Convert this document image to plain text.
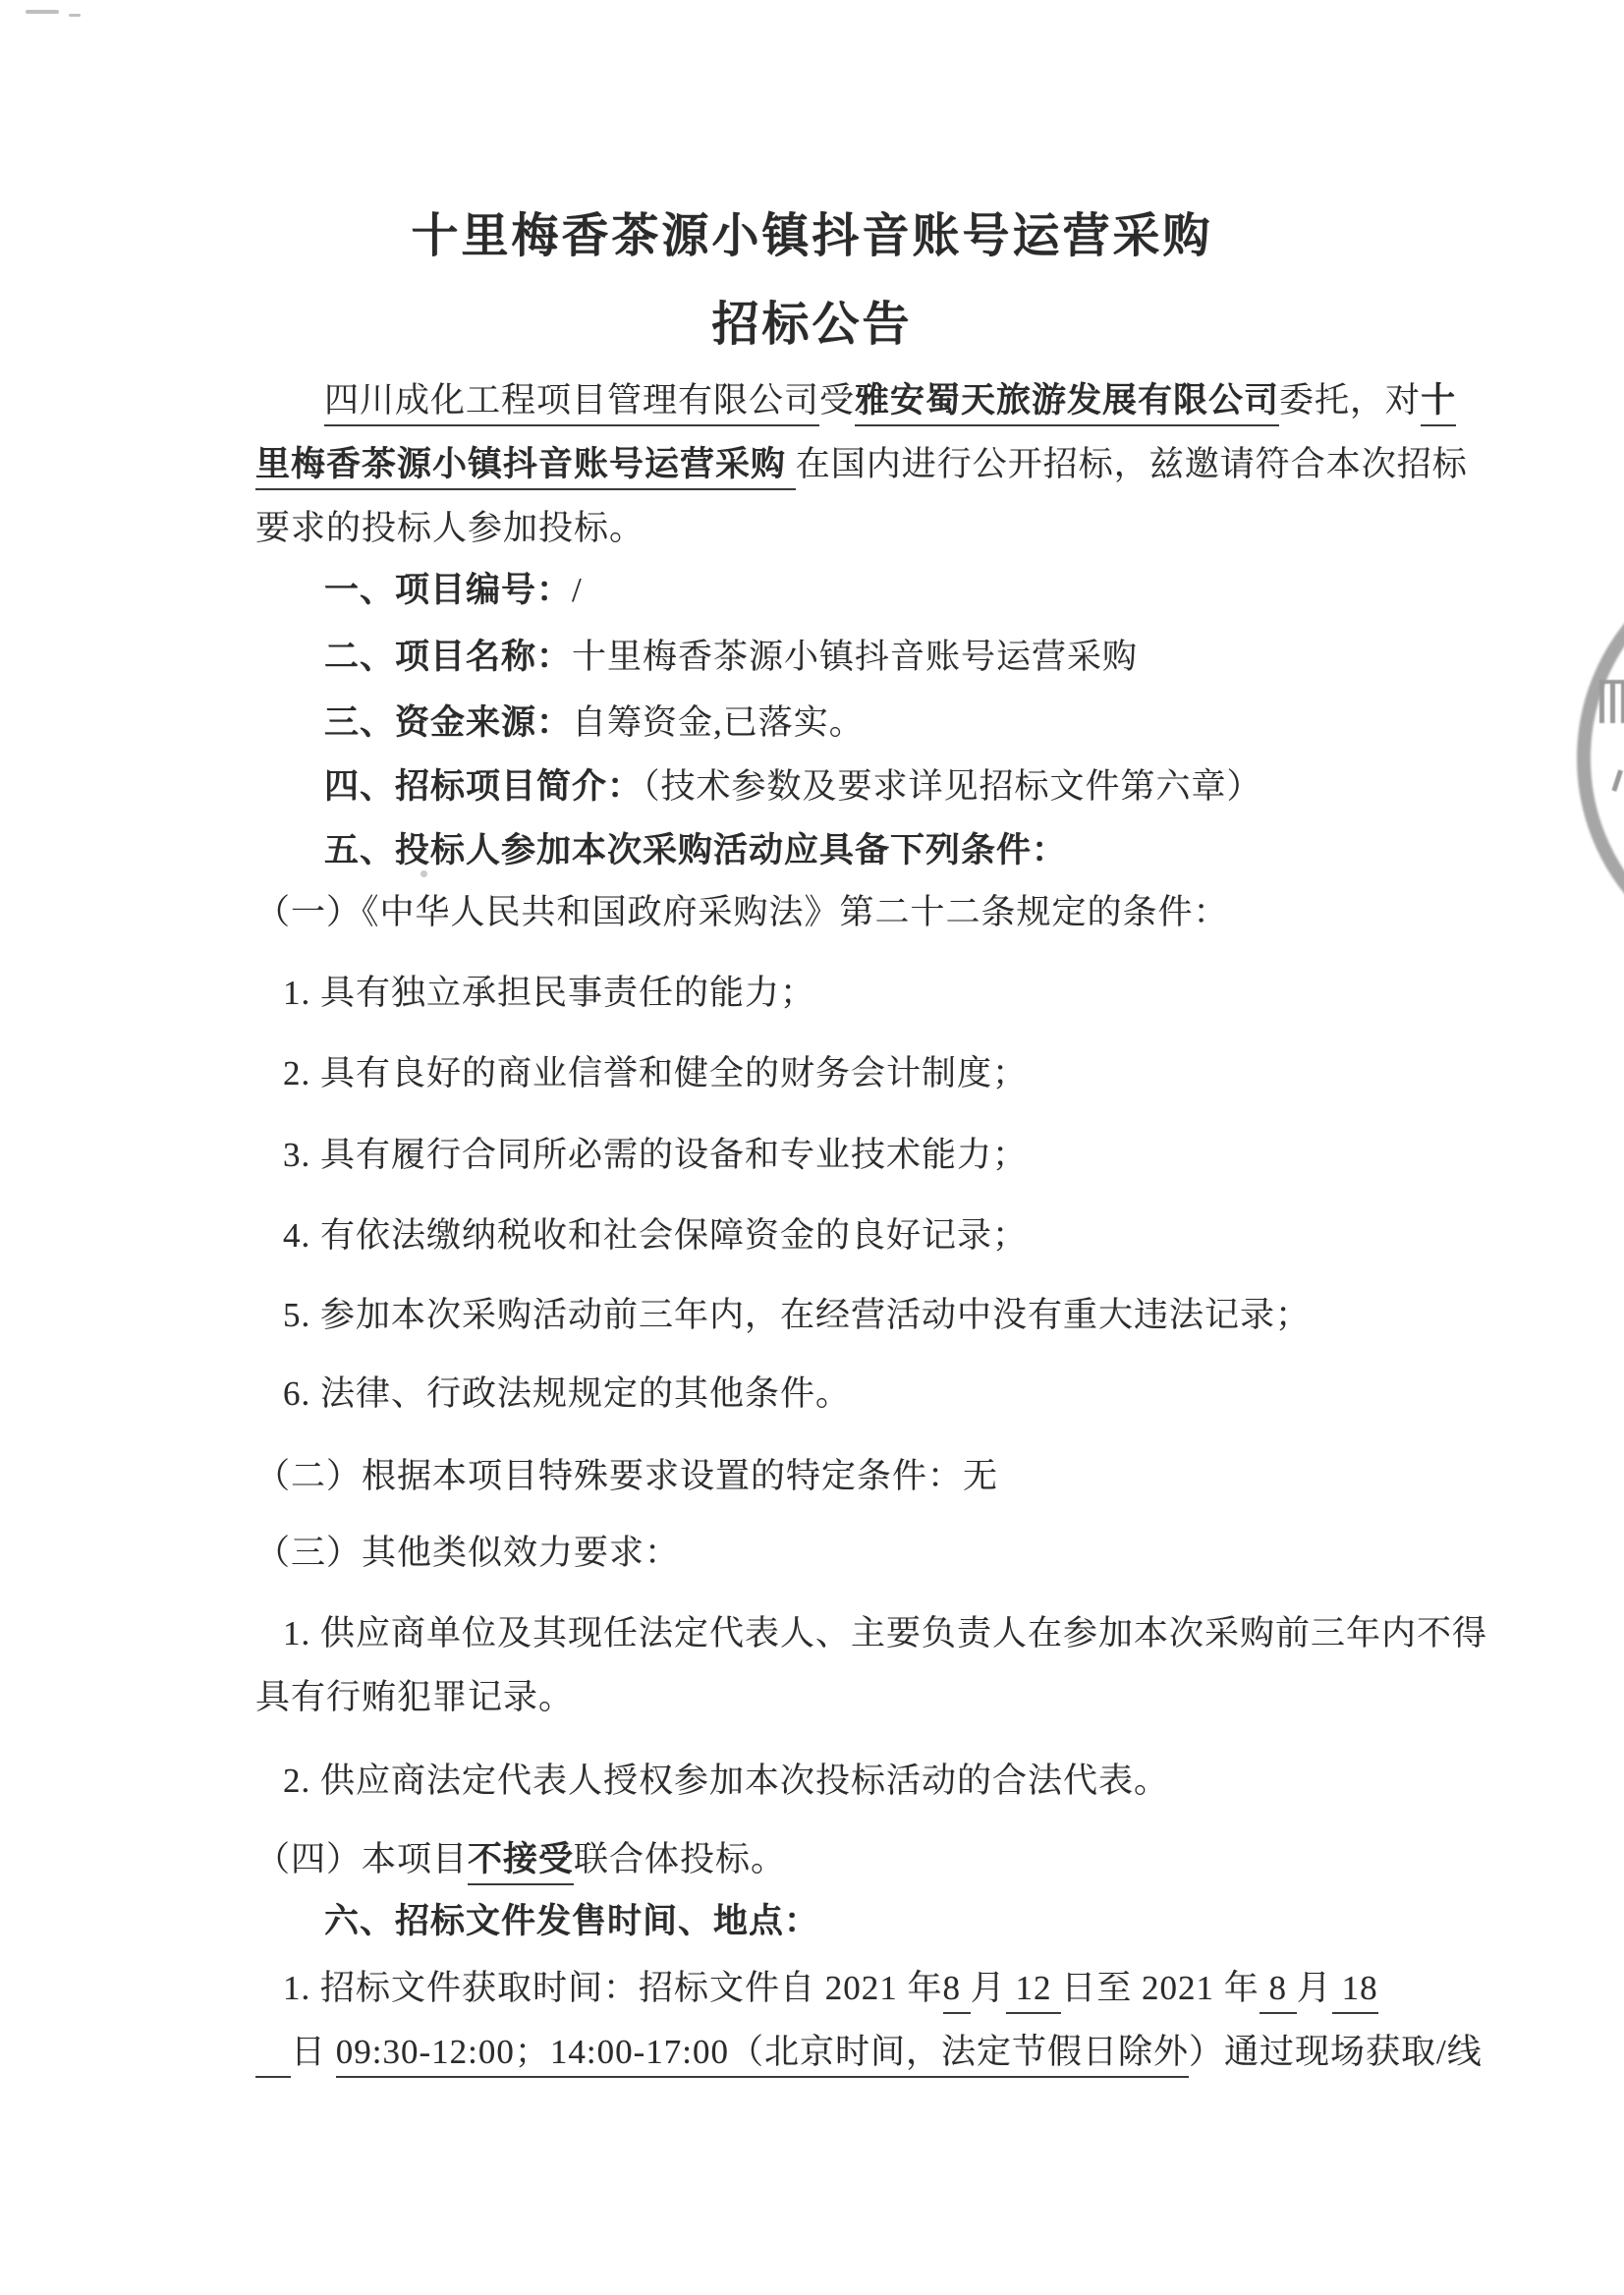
十里梅香茶源小镇抖音账号运营采购
招标公告
四川成化工程项目管理有限公司受雅安蜀天旅游发展有限公司委托，对十
里梅香茶源小镇抖音账号运营采购 在国内进行公开招标，兹邀请符合本次招标
要求的投标人参加投标。
一、项目编号：/
二、项目名称：十里梅香茶源小镇抖音账号运营采购
三、资金来源：自筹资金,已落实。
四、招标项目简介：（技术参数及要求详见招标文件第六章）
五、投标人参加本次采购活动应具备下列条件：
（一）《中华人民共和国政府采购法》第二十二条规定的条件：
1. 具有独立承担民事责任的能力；
2. 具有良好的商业信誉和健全的财务会计制度；
3. 具有履行合同所必需的设备和专业技术能力；
4. 有依法缴纳税收和社会保障资金的良好记录；
5. 参加本次采购活动前三年内，在经营活动中没有重大违法记录；
6. 法律、行政法规规定的其他条件。
（二）根据本项目特殊要求设置的特定条件：无
（三）其他类似效力要求：
1. 供应商单位及其现任法定代表人、主要负责人在参加本次采购前三年内不得
具有行贿犯罪记录。
2. 供应商法定代表人授权参加本次投标活动的合法代表。
（四）本项目不接受联合体投标。
六、招标文件发售时间、地点：
1. 招标文件获取时间：招标文件自 2021 年8 月 12 日至 2021 年 8 月 18
　日 09:30-12:00；14:00-17:00（北京时间，法定节假日除外）通过现场获取/线
